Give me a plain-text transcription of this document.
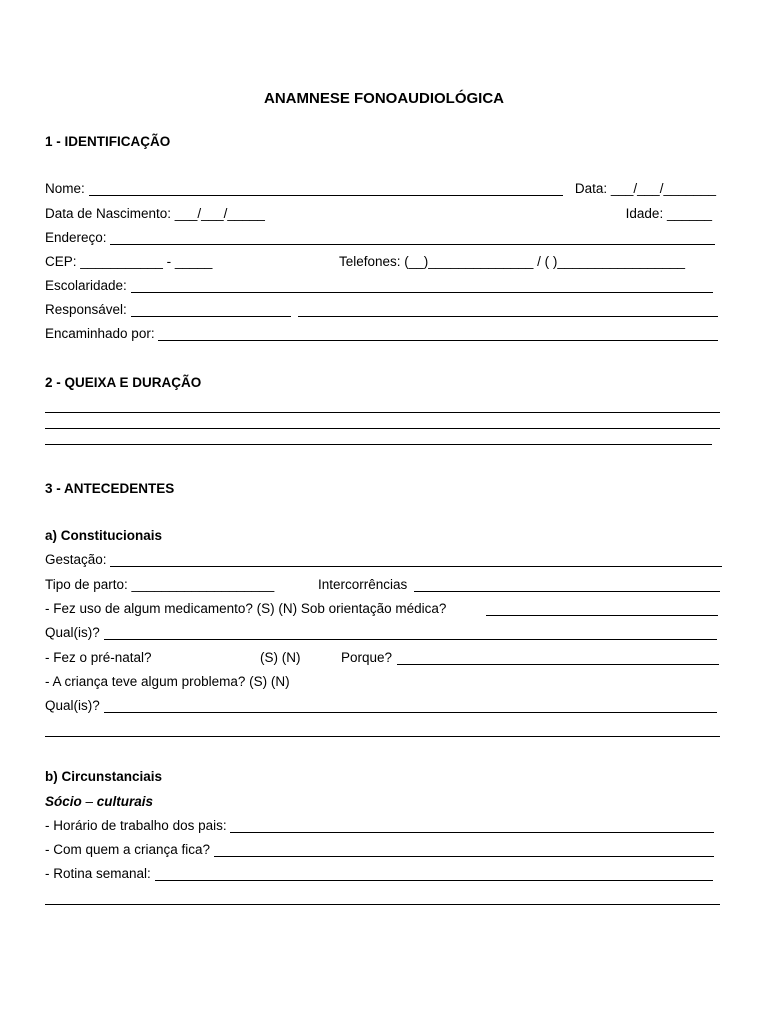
ANAMNESE FONOAUDIOLÓGICA
1 - IDENTIFICAÇÃO
Nome:	Data: ___/___/_______
Data de Nascimento: ___/___/_____	Idade: ______
Endereço:
CEP: ___________ - _____	Telefones: (__)______________ / ( )_________________
Escolaridade:
Responsável:
Encaminhado por:
2 - QUEIXA E DURAÇÃO
3 - ANTECEDENTES
a) Constitucionais
Gestação:
Tipo de parto: ___________________	Intercorrências
- Fez uso de algum medicamento? (S) (N) Sob orientação médica?
Qual(is)?
- Fez o pré-natal?	(S) (N)	Porque?
- A criança teve algum problema? (S) (N)
Qual(is)?
b) Circunstanciais
Sócio – culturais
- Horário de trabalho dos pais:
- Com quem a criança fica?
- Rotina semanal:
